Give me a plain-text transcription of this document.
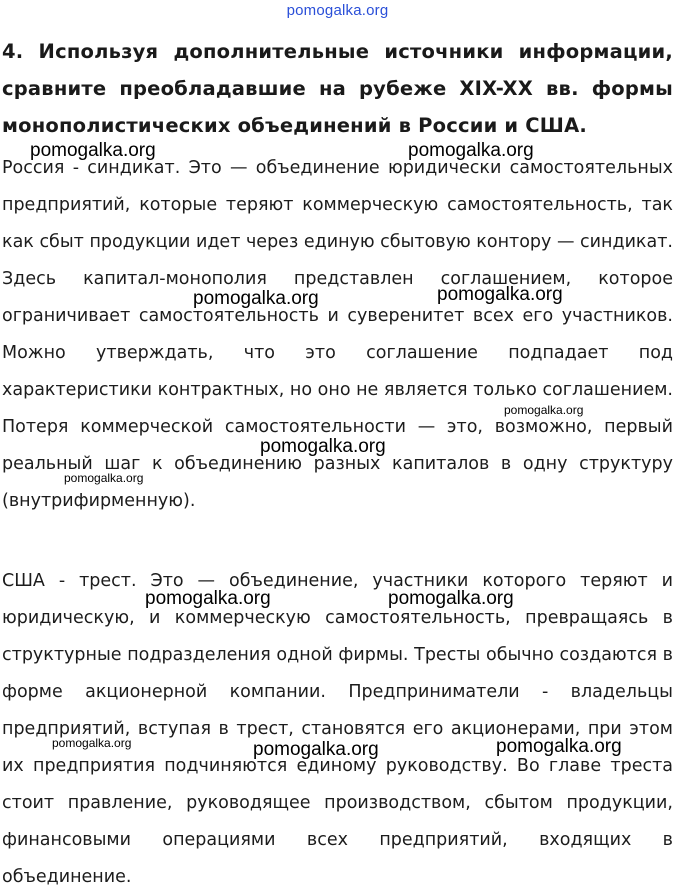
pomogalka.org
4. Используя дополнительные источники информации, сравните преобладавшие на рубеже XIX-XX вв. формы монополистических объединений в России и США.
Россия - синдикат. Это — объединение юридически самостоятельных предприятий, которые теряют коммерческую самостоятельность, так как сбыт продукции идет через единую сбытовую контору — синдикат. Здесь капитал-монополия представлен соглашением, которое ограничивает самостоятельность и суверенитет всех его участников. Можно утверждать, что это соглашение подпадает под характеристики контрактных, но оно не является только соглашением. Потеря коммерческой самостоятельности — это, возможно, первый реальный шаг к объединению разных капиталов в одну структуру (внутрифирменную).
США - трест. Это — объединение, участники которого теряют и юридическую, и коммерческую самостоятельность, превращаясь в структурные подразделения одной фирмы. Тресты обычно создаются в форме акционерной компании. Предприниматели - владельцы предприятий, вступая в трест, становятся его акционерами, при этом их предприятия подчиняются единому руководству. Во главе треста стоит правление, руководящее производством, сбытом продукции, финансовыми операциями всех предприятий, входящих в объединение.
pomogalka.org	pomogalka.org
pomogalka.org	pomogalka.org
pomogalka.org
pomogalka.org
pomogalka.org
pomogalka.org	pomogalka.org
pomogalka.org	pomogalka.org	pomogalka.org
